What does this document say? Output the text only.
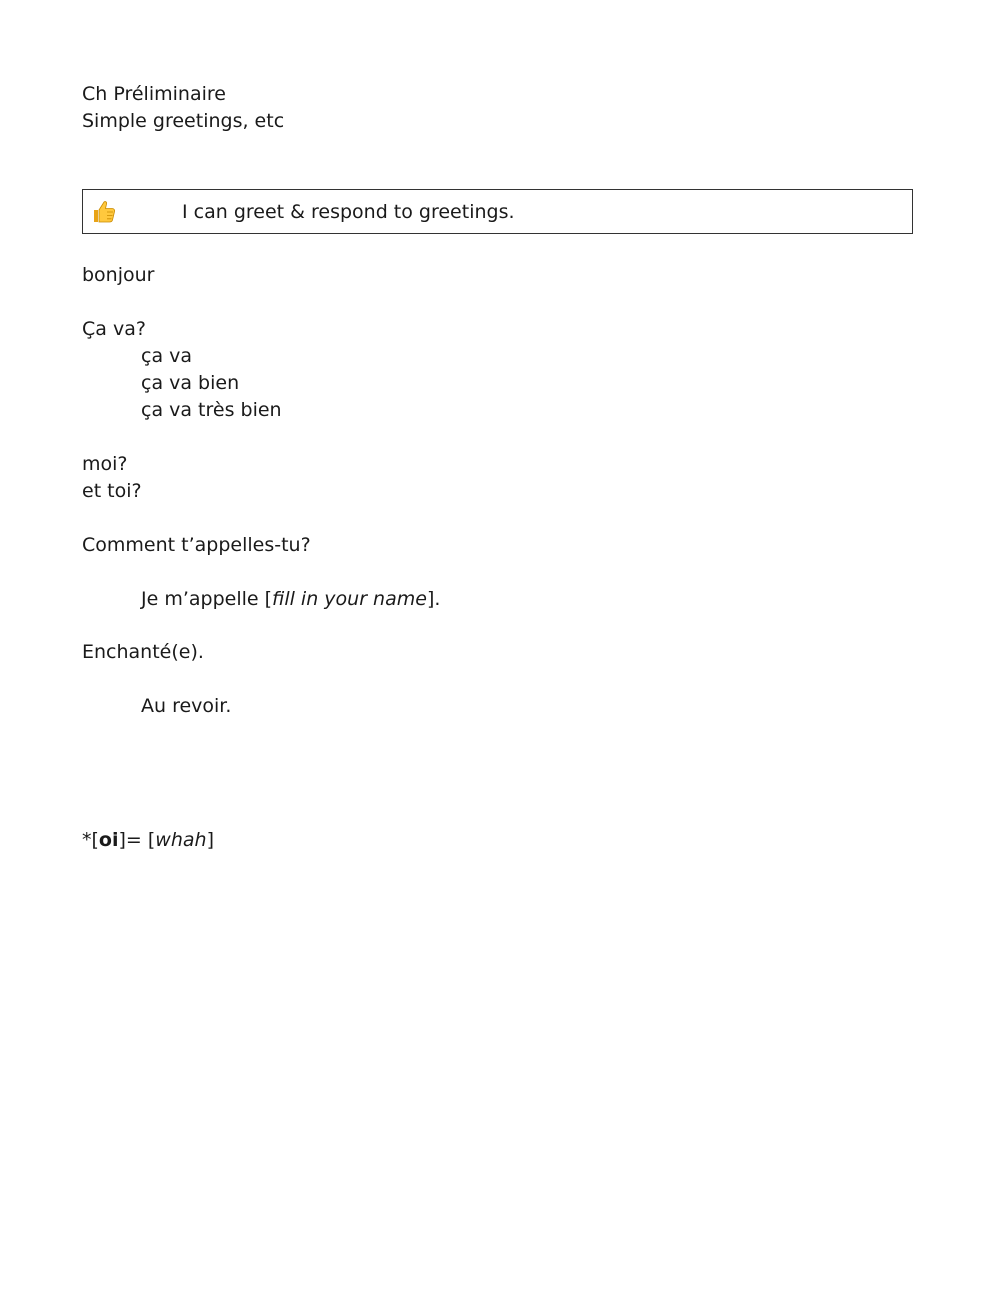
Ch Préliminaire
Simple greetings, etc
I can greet & respond to greetings.
bonjour
Ça va?
ça va
ça va bien
ça va très bien
moi?
et toi?
Comment t’appelles-tu?
Je m’appelle [fill in your name].
Enchanté(e).
Au revoir.
*[oi]= [whah]
